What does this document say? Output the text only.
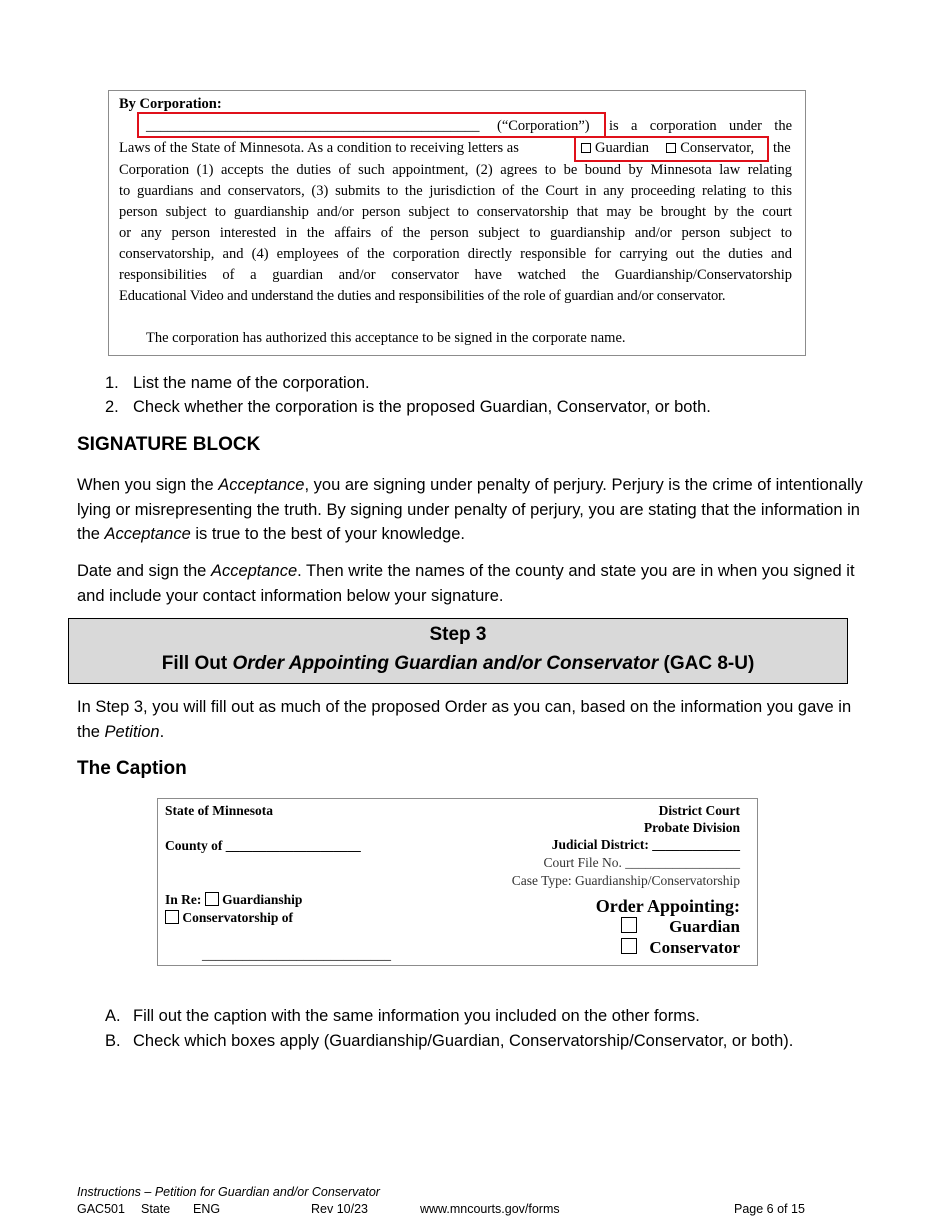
By Corporation:
______________________________________________ (“Corporation”) is a corporation under the
Laws of the State of Minnesota. As a condition to receiving letters as	Guardian Conservator, the
Corporation (1) accepts the duties of such appointment, (2) agrees to be bound by Minnesota law relating
to guardians and conservators, (3) submits to the jurisdiction of the Court in any proceeding relating to this
person subject to guardianship and/or person subject to conservatorship that may be brought by the court
or any person interested in the affairs of the person subject to guardianship and/or person subject to
conservatorship, and (4) employees of the corporation directly responsible for carrying out the duties and
responsibilities of a guardian and/or conservator have watched the Guardianship/Conservatorship
Educational Video and understand the duties and responsibilities of the role of guardian and/or conservator.
The corporation has authorized this acceptance to be signed in the corporate name.
1. List the name of the corporation.
2. Check whether the corporation is the proposed Guardian, Conservator, or both.
SIGNATURE BLOCK
When you sign the Acceptance, you are signing under penalty of perjury. Perjury is the crime of intentionally lying or misrepresenting the truth. By signing under penalty of perjury, you are stating that the information in the Acceptance is true to the best of your knowledge.
Date and sign the Acceptance. Then write the names of the county and state you are in when you signed it and include your contact information below your signature.
Step 3
Fill Out Order Appointing Guardian and/or Conservator (GAC 8-U)
In Step 3, you will fill out as much of the proposed Order as you can, based on the information you gave in the Petition.
The Caption
State of Minnesota
County of ____________________
In Re: Guardianship
Conservatorship of
____________________________
District Court
Probate Division
Judicial District: _____________
Court File No. _________________
Case Type: Guardianship/Conservatorship
Order Appointing:
Guardian
Conservator
A. Fill out the caption with the same information you included on the other forms.
B. Check which boxes apply (Guardianship/Guardian, Conservatorship/Conservator, or both).
Instructions – Petition for Guardian and/or Conservator
GAC501 State ENG	Rev 10/23	www.mncourts.gov/forms	Page 6 of 15
